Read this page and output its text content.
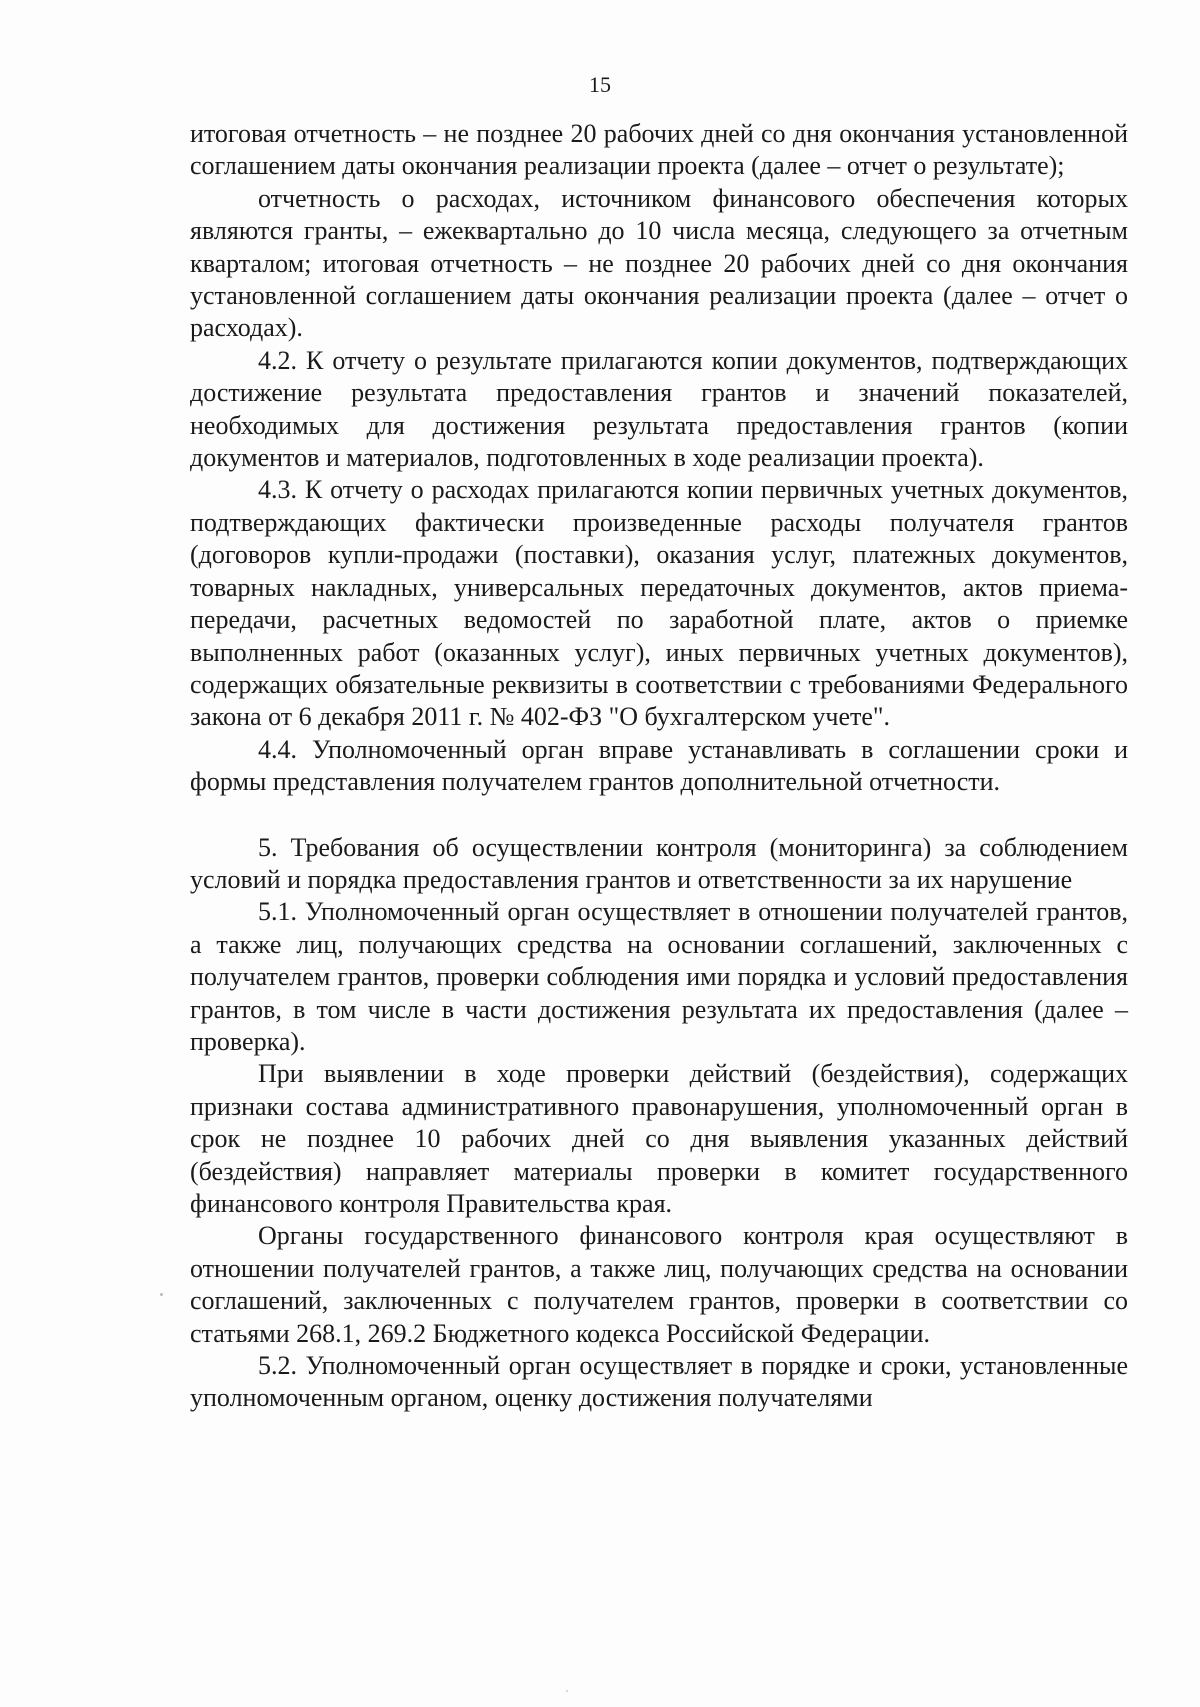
15

итоговая отчетность – не позднее 20 рабочих дней со дня окончания установленной соглашением даты окончания реализации проекта (далее – отчет о результате);

отчетность о расходах, источником финансового обеспечения которых являются гранты, – ежеквартально до 10 числа месяца, следующего за отчетным кварталом; итоговая отчетность – не позднее 20 рабочих дней со дня окончания установленной соглашением даты окончания реализации проекта (далее – отчет о расходах).

4.2. К отчету о результате прилагаются копии документов, подтверждающих достижение результата предоставления грантов и значений показателей, необходимых для достижения результата предоставления грантов (копии документов и материалов, подготовленных в ходе реализации проекта).

4.3. К отчету о расходах прилагаются копии первичных учетных документов, подтверждающих фактически произведенные расходы получателя грантов (договоров купли-продажи (поставки), оказания услуг, платежных документов, товарных накладных, универсальных передаточных документов, актов приема-передачи, расчетных ведомостей по заработной плате, актов о приемке выполненных работ (оказанных услуг), иных первичных учетных документов), содержащих обязательные реквизиты в соответствии с требованиями Федерального закона от 6 декабря 2011 г. № 402-ФЗ "О бухгалтерском учете".

4.4. Уполномоченный орган вправе устанавливать в соглашении сроки и формы представления получателем грантов дополнительной отчетности.

5. Требования об осуществлении контроля (мониторинга) за соблюдением условий и порядка предоставления грантов и ответственности за их нарушение

5.1. Уполномоченный орган осуществляет в отношении получателей грантов, а также лиц, получающих средства на основании соглашений, заключенных с получателем грантов, проверки соблюдения ими порядка и условий предоставления грантов, в том числе в части достижения результата их предоставления (далее – проверка).

При выявлении в ходе проверки действий (бездействия), содержащих признаки состава административного правонарушения, уполномоченный орган в срок не позднее 10 рабочих дней со дня выявления указанных действий (бездействия) направляет материалы проверки в комитет государственного финансового контроля Правительства края.

Органы государственного финансового контроля края осуществляют в отношении получателей грантов, а также лиц, получающих средства на основании соглашений, заключенных с получателем грантов, проверки в соответствии со статьями 268.1, 269.2 Бюджетного кодекса Российской Федерации.

5.2. Уполномоченный орган осуществляет в порядке и сроки, установленные уполномоченным органом, оценку достижения получателями
